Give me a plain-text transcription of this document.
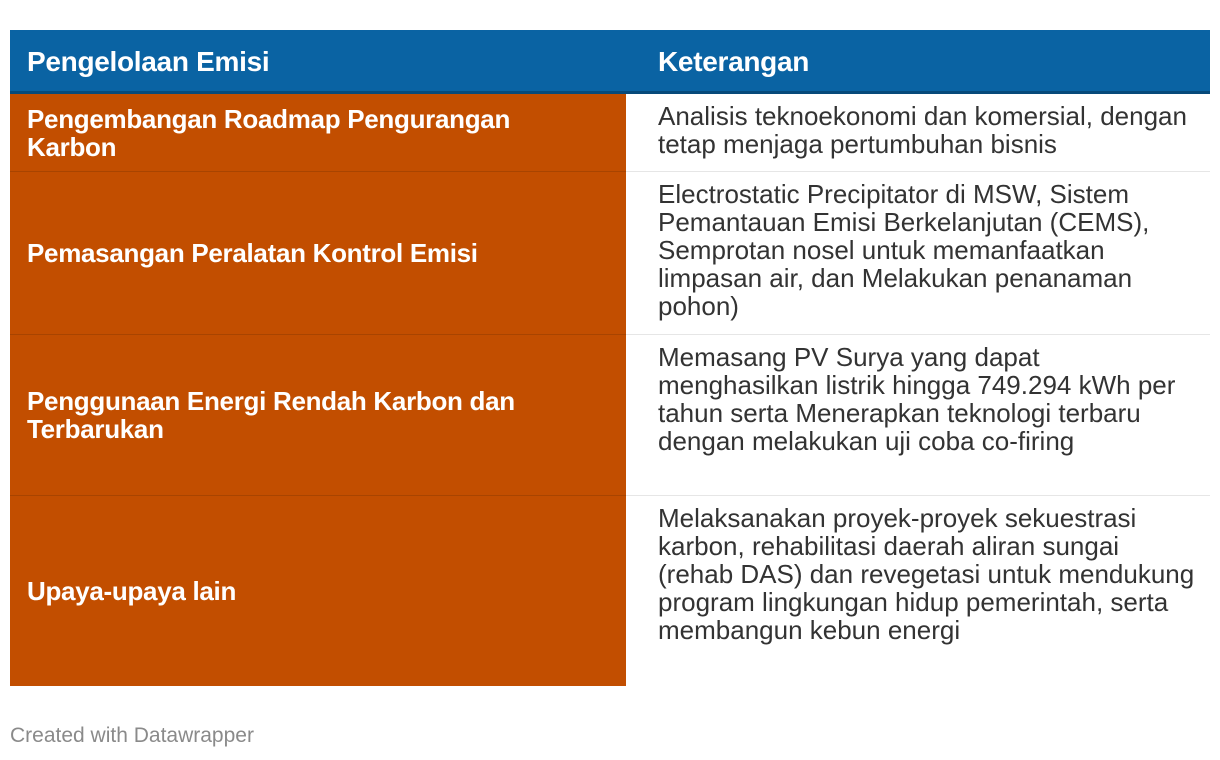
Pengelolaan Emisi	Keterangan
Pengembangan Roadmap Pengurangan Karbon
Analisis teknoekonomi dan komersial, dengan tetap menjaga pertumbuhan bisnis
Pemasangan Peralatan Kontrol Emisi
Electrostatic Precipitator di MSW, Sistem Pemantauan Emisi Berkelanjutan (CEMS), Semprotan nosel untuk memanfaatkan limpasan air, dan Melakukan penanaman pohon)
Penggunaan Energi Rendah Karbon dan Terbarukan
Memasang PV Surya yang dapat menghasilkan listrik hingga 749.294 kWh per tahun serta Menerapkan teknologi terbaru dengan melakukan uji coba co-firing
Upaya-upaya lain
Melaksanakan proyek-proyek sekuestrasi karbon, rehabilitasi daerah aliran sungai (rehab DAS) dan revegetasi untuk mendukung program lingkungan hidup pemerintah, serta membangun kebun energi
Created with Datawrapper
